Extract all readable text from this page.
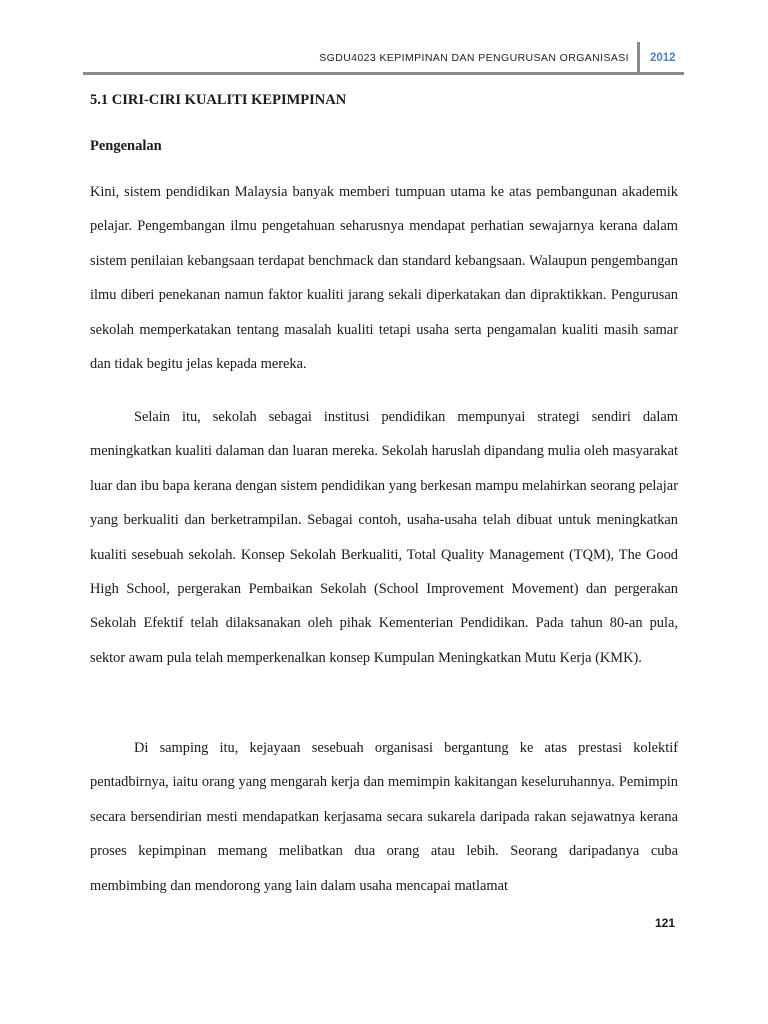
SGDU4023 KEPIMPINAN DAN PENGURUSAN ORGANISASI	2012
5.1 CIRI-CIRI KUALITI KEPIMPINAN
Pengenalan

Kini, sistem pendidikan Malaysia banyak memberi tumpuan utama ke atas pembangunan akademik pelajar. Pengembangan ilmu pengetahuan seharusnya mendapat perhatian sewajarnya kerana dalam sistem penilaian kebangsaan terdapat benchmack dan standard kebangsaan. Walaupun pengembangan ilmu diberi penekanan namun faktor kualiti jarang sekali diperkatakan dan dipraktikkan. Pengurusan sekolah memperkatakan tentang masalah kualiti tetapi usaha serta pengamalan kualiti masih samar dan tidak begitu jelas kepada mereka.

Selain itu, sekolah sebagai institusi pendidikan mempunyai strategi sendiri dalam meningkatkan kualiti dalaman dan luaran mereka. Sekolah haruslah dipandang mulia oleh masyarakat luar dan ibu bapa kerana dengan sistem pendidikan yang berkesan mampu melahirkan seorang pelajar yang berkualiti dan berketrampilan. Sebagai contoh, usaha-usaha telah dibuat untuk meningkatkan kualiti sesebuah sekolah. Konsep Sekolah Berkualiti, Total Quality Management (TQM), The Good High School, pergerakan Pembaikan Sekolah (School Improvement Movement) dan pergerakan Sekolah Efektif telah dilaksanakan oleh pihak Kementerian Pendidikan. Pada tahun 80-an pula, sektor awam pula telah memperkenalkan konsep Kumpulan Meningkatkan Mutu Kerja (KMK).

Di samping itu, kejayaan sesebuah organisasi bergantung ke atas prestasi kolektif pentadbirnya, iaitu orang yang mengarah kerja dan memimpin kakitangan keseluruhannya. Pemimpin secara bersendirian mesti mendapatkan kerjasama secara sukarela daripada rakan sejawatnya kerana proses kepimpinan memang melibatkan dua orang atau lebih. Seorang daripadanya cuba membimbing dan mendorong yang lain dalam usaha mencapai matlamat

121
